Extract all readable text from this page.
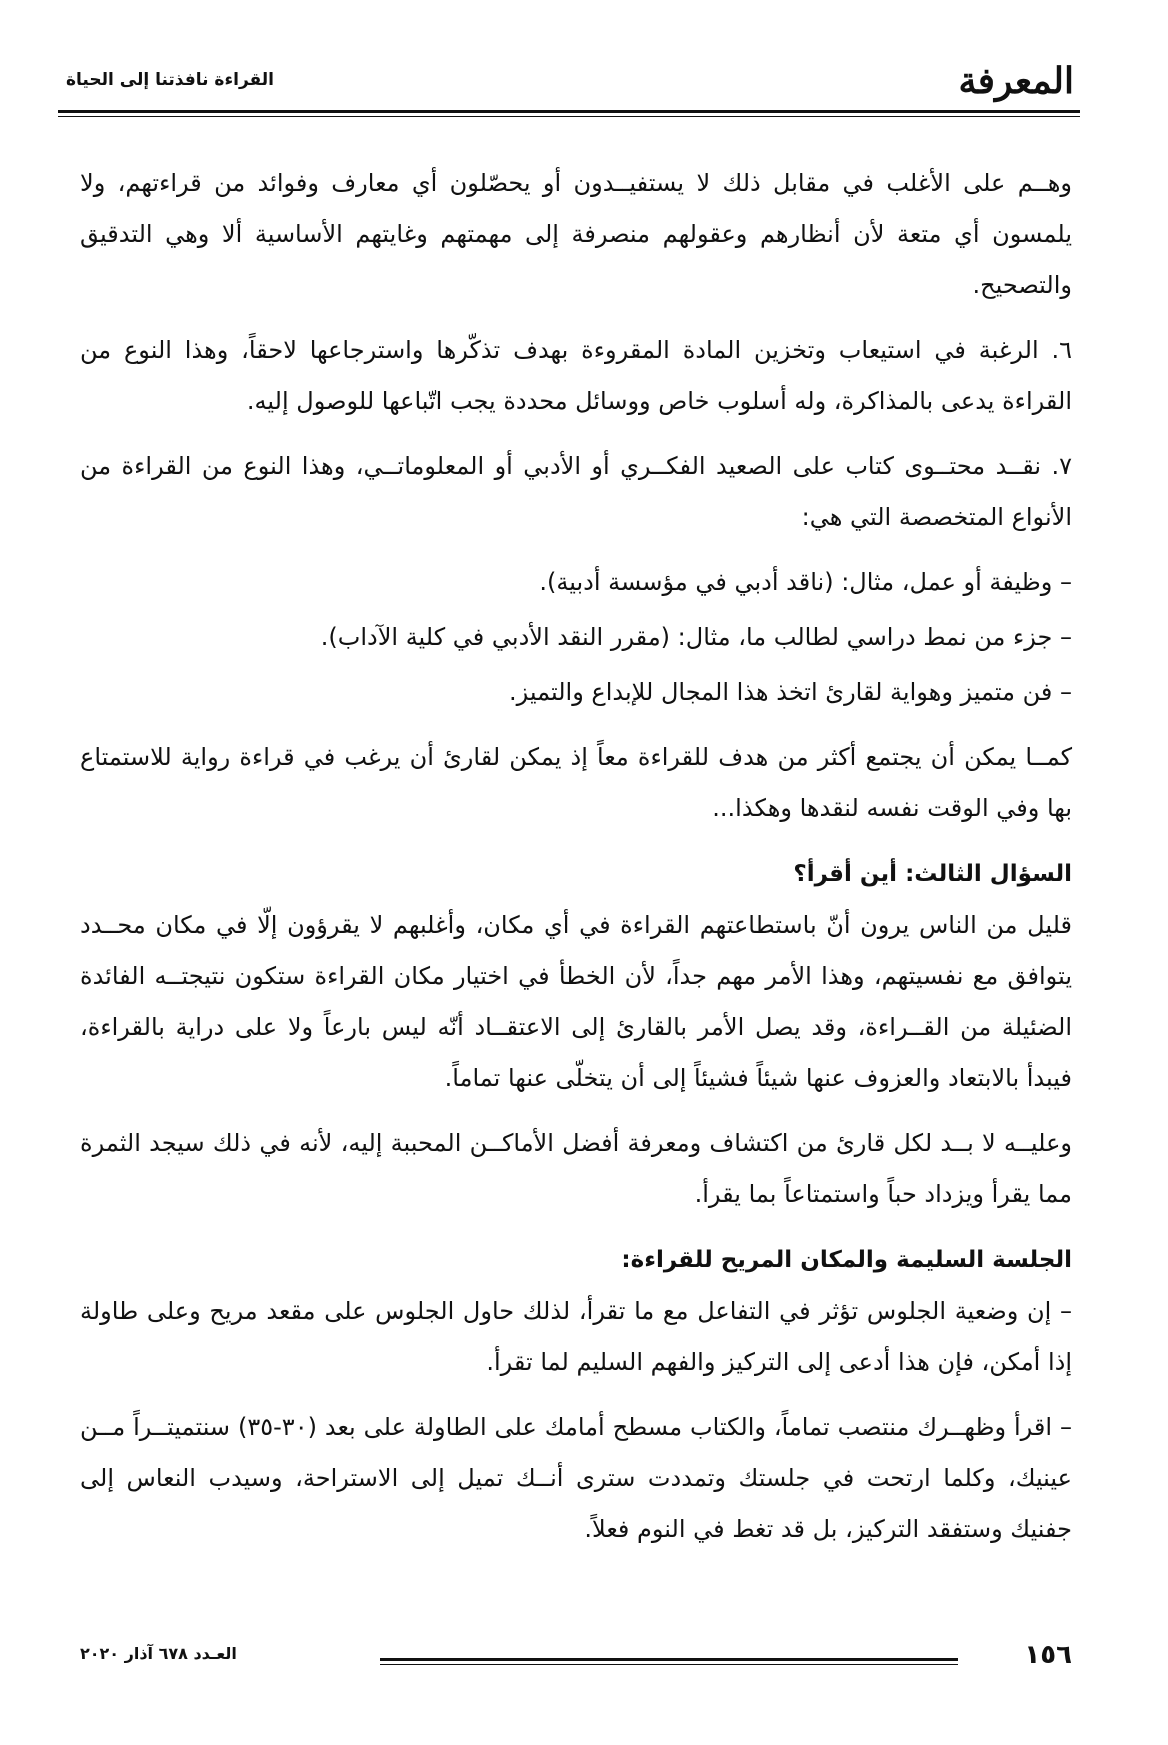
المعرفة
القراءة نافذتنا إلى الحياة

وهــم على الأغلب في مقابل ذلك لا يستفيــدون أو يحصّلون أي معارف وفوائد من قراءتهم، ولا يلمسون أي متعة لأن أنظارهم وعقولهم منصرفة إلى مهمتهم وغايتهم الأساسية ألا وهي التدقيق والتصحيح.

٦. الرغبة في استيعاب وتخزين المادة المقروءة بهدف تذكّرها واسترجاعها لاحقاً، وهذا النوع من القراءة يدعى بالمذاكرة، وله أسلوب خاص ووسائل محددة يجب اتّباعها للوصول إليه.

٧. نقــد محتــوى كتاب على الصعيد الفكــري أو الأدبي أو المعلوماتــي، وهذا النوع من القراءة من الأنواع المتخصصة التي هي:

– وظيفة أو عمل، مثال: (ناقد أدبي في مؤسسة أدبية).

– جزء من نمط دراسي لطالب ما، مثال: (مقرر النقد الأدبي في كلية الآداب).

– فن متميز وهواية لقارئ اتخذ هذا المجال للإبداع والتميز.

كمــا يمكن أن يجتمع أكثر من هدف للقراءة معاً إذ يمكن لقارئ أن يرغب في قراءة رواية للاستمتاع بها وفي الوقت نفسه لنقدها وهكذا...

السؤال الثالث: أين أقرأ؟

قليل من الناس يرون أنّ باستطاعتهم القراءة في أي مكان، وأغلبهم لا يقرؤون إلّا في مكان محــدد يتوافق مع نفسيتهم، وهذا الأمر مهم جداً، لأن الخطأ في اختيار مكان القراءة ستكون نتيجتــه الفائدة الضئيلة من القــراءة، وقد يصل الأمر بالقارئ إلى الاعتقــاد أنّه ليس بارعاً ولا على دراية بالقراءة، فيبدأ بالابتعاد والعزوف عنها شيئاً فشيئاً إلى أن يتخلّى عنها تماماً.

وعليــه لا بــد لكل قارئ من اكتشاف ومعرفة أفضل الأماكــن المحببة إليه، لأنه في ذلك سيجد الثمرة مما يقرأ ويزداد حباً واستمتاعاً بما يقرأ.

الجلسة السليمة والمكان المريح للقراءة:

– إن وضعية الجلوس تؤثر في التفاعل مع ما تقرأ، لذلك حاول الجلوس على مقعد مريح وعلى طاولة إذا أمكن، فإن هذا أدعى إلى التركيز والفهم السليم لما تقرأ.

– اقرأ وظهــرك منتصب تماماً، والكتاب مسطح أمامك على الطاولة على بعد (٣٠-٣٥) سنتميتــراً مــن عينيك، وكلما ارتحت في جلستك وتمددت سترى أنــك تميل إلى الاستراحة، وسيدب النعاس إلى جفنيك وستفقد التركيز، بل قد تغط في النوم فعلاً.

١٥٦
العـدد ٦٧٨ آذار ٢٠٢٠
